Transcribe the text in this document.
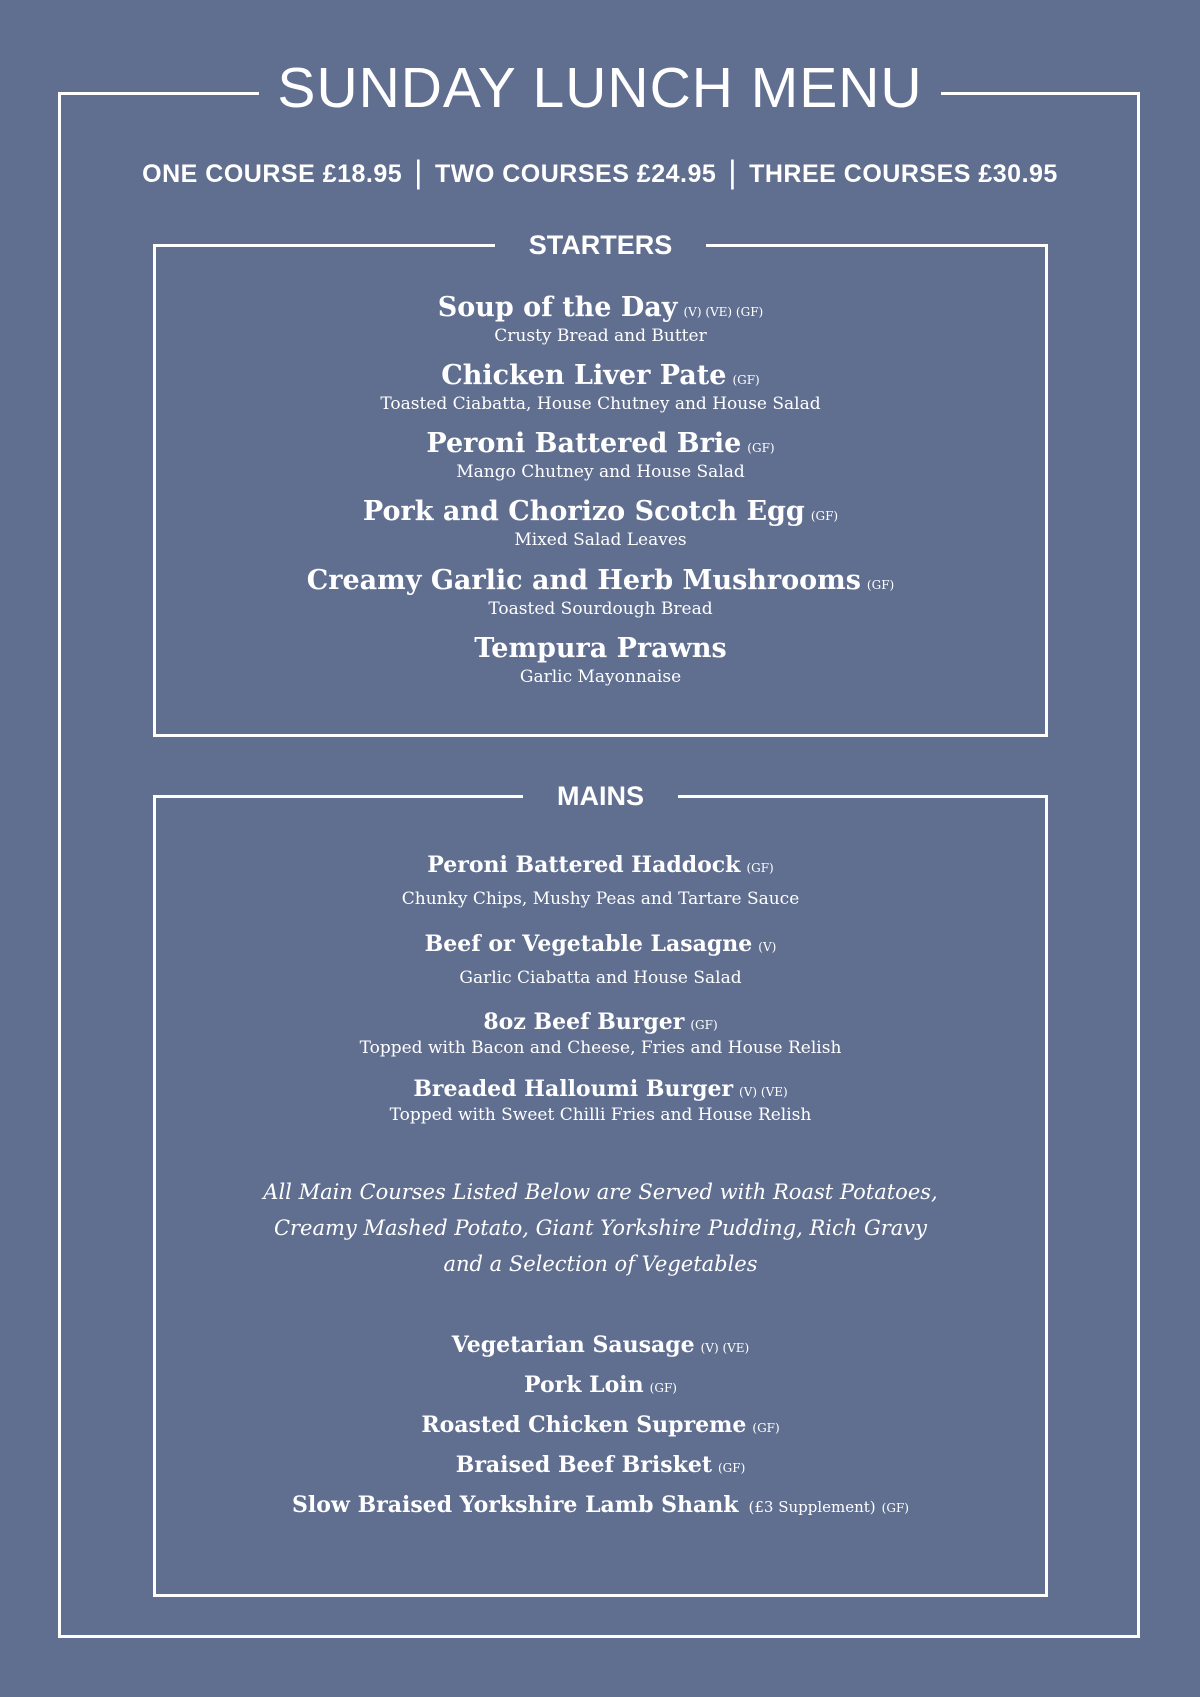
SUNDAY LUNCH MENU
ONE COURSE £18.95 | TWO COURSES £24.95 | THREE COURSES £30.95
STARTERS
Soup of the Day (V) (VE) (GF)
Crusty Bread and Butter
Chicken Liver Pate (GF)
Toasted Ciabatta, House Chutney and House Salad
Peroni Battered Brie (GF)
Mango Chutney and House Salad
Pork and Chorizo Scotch Egg (GF)
Mixed Salad Leaves
Creamy Garlic and Herb Mushrooms (GF)
Toasted Sourdough Bread
Tempura Prawns
Garlic Mayonnaise
MAINS
Peroni Battered Haddock (GF)
Chunky Chips, Mushy Peas and Tartare Sauce
Beef or Vegetable Lasagne (V)
Garlic Ciabatta and House Salad
8oz Beef Burger (GF)
Topped with Bacon and Cheese, Fries and House Relish
Breaded Halloumi Burger (V) (VE)
Topped with Sweet Chilli Fries and House Relish
All Main Courses Listed Below are Served with Roast Potatoes,
Creamy Mashed Potato, Giant Yorkshire Pudding, Rich Gravy
and a Selection of Vegetables
Vegetarian Sausage (V) (VE)
Pork Loin (GF)
Roasted Chicken Supreme (GF)
Braised Beef Brisket (GF)
Slow Braised Yorkshire Lamb Shank (£3 Supplement) (GF)
